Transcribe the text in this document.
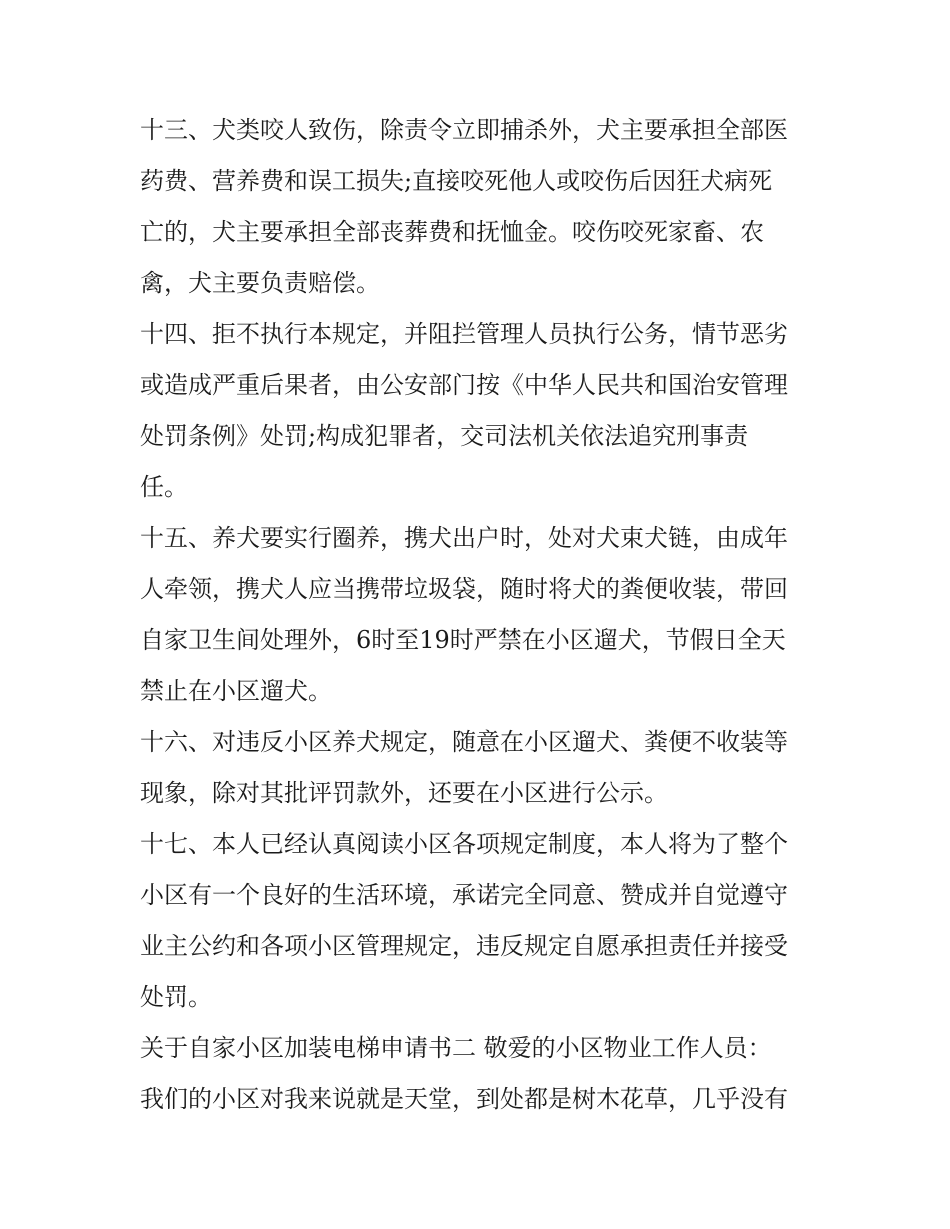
十三、犬类咬人致伤，除责令立即捕杀外，犬主要承担全部医
药费、营养费和误工损失;直接咬死他人或咬伤后因狂犬病死
亡的，犬主要承担全部丧葬费和抚恤金。咬伤咬死家畜、农
禽，犬主要负责赔偿。
十四、拒不执行本规定，并阻拦管理人员执行公务，情节恶劣
或造成严重后果者，由公安部门按《中华人民共和国治安管理
处罚条例》处罚;构成犯罪者，交司法机关依法追究刑事责
任。
十五、养犬要实行圈养，携犬出户时，处对犬束犬链，由成年
人牵领，携犬人应当携带垃圾袋，随时将犬的粪便收装，带回
自家卫生间处理外，6时至19时严禁在小区遛犬，节假日全天
禁止在小区遛犬。
十六、对违反小区养犬规定，随意在小区遛犬、粪便不收装等
现象，除对其批评罚款外，还要在小区进行公示。
十七、本人已经认真阅读小区各项规定制度，本人将为了整个
小区有一个良好的生活环境，承诺完全同意、赞成并自觉遵守
业主公约和各项小区管理规定，违反规定自愿承担责任并接受
处罚。
关于自家小区加装电梯申请书二 敬爱的小区物业工作人员：
我们的小区对我来说就是天堂，到处都是树木花草，几乎没有
